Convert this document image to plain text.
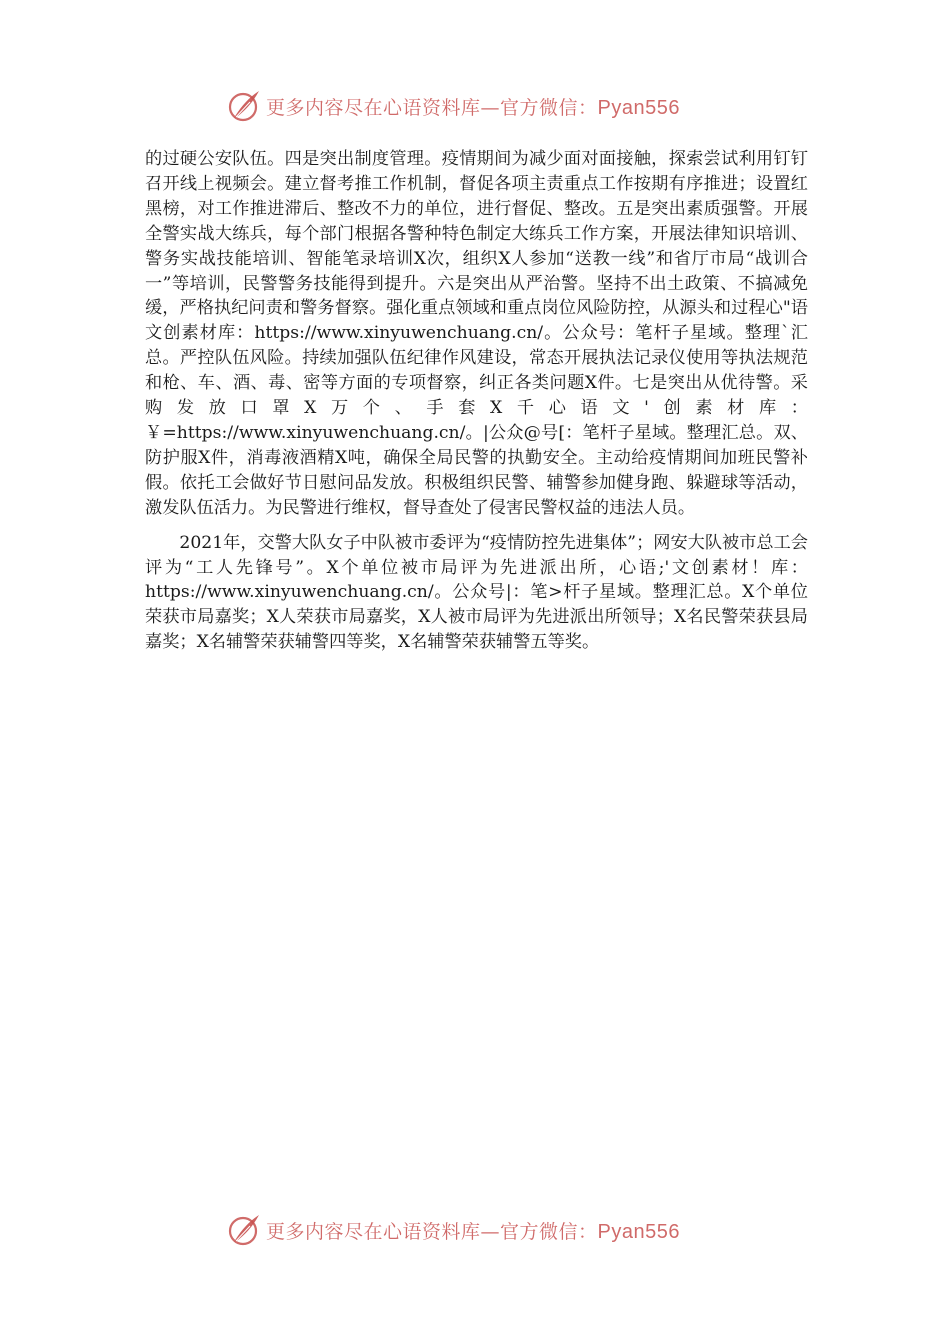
更多内容尽在心语资料库—官方微信：Pyan556

的过硬公安队伍。四是突出制度管理。疫情期间为减少面对面接触，探索尝试利用钉钉召开线上视频会。建立督考推工作机制，督促各项主责重点工作按期有序推进；设置红黑榜，对工作推进滞后、整改不力的单位，进行督促、整改。五是突出素质强警。开展全警实战大练兵，每个部门根据各警种特色制定大练兵工作方案，开展法律知识培训、警务实战技能培训、智能笔录培训X次，组织X人参加“送教一线”和省厅市局“战训合一”等培训，民警警务技能得到提升。六是突出从严治警。坚持不出土政策、不搞减免缓，严格执纪问责和警务督察。强化重点领域和重点岗位风险防控，从源头和过程心"语文创素材库：https://www.xinyuwenchuang.cn/。公众号：笔杆子星域。整理`汇总。严控队伍风险。持续加强队伍纪律作风建设，常态开展执法记录仪使用等执法规范和枪、车、酒、毒、密等方面的专项督察，纠正各类问题X件。七是突出从优待警。采购发放口罩X万个、手套X千心语文'创素材库：￥=https://www.xinyuwenchuang.cn/。|公众@号[：笔杆子星域。整理汇总。双、防护服X件，消毒液酒精X吨，确保全局民警的执勤安全。主动给疫情期间加班民警补假。依托工会做好节日慰问品发放。积极组织民警、辅警参加健身跑、躲避球等活动，激发队伍活力。为民警进行维权，督导查处了侵害民警权益的违法人员。

2021年，交警大队女子中队被市委评为“疫情防控先进集体”；网安大队被市总工会评为“工人先锋号”。X个单位被市局评为先进派出所，心语;'文创素材！库：https://www.xinyuwenchuang.cn/。公众号|：笔>杆子星域。整理汇总。X个单位荣获市局嘉奖；X人荣获市局嘉奖，X人被市局评为先进派出所领导；X名民警荣获县局嘉奖；X名辅警荣获辅警四等奖，X名辅警荣获辅警五等奖。

更多内容尽在心语资料库—官方微信：Pyan556
